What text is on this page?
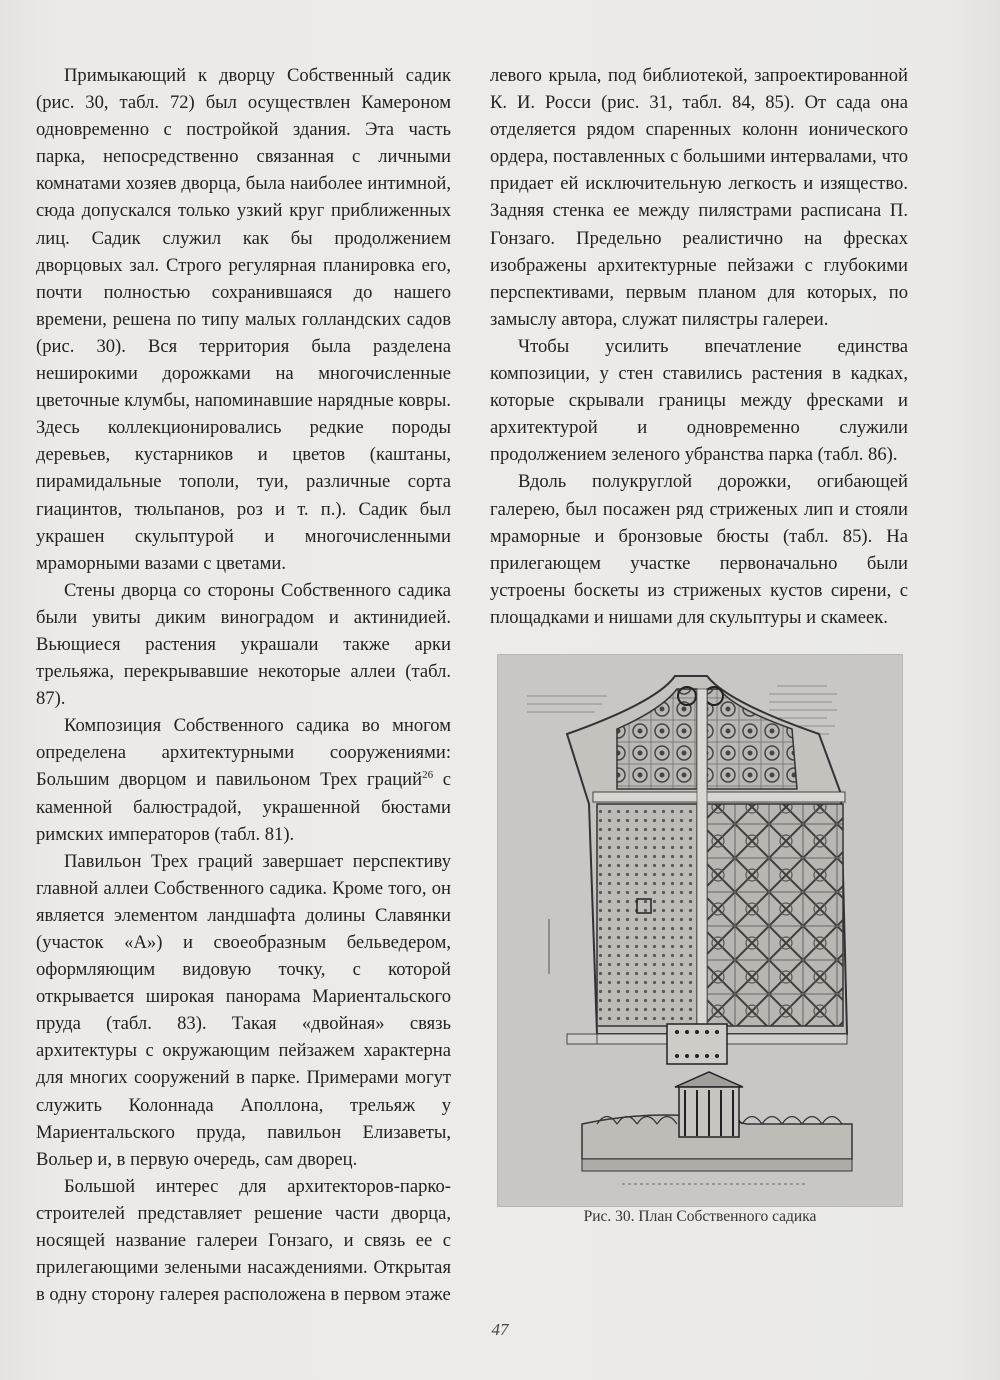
Примыкающий к дворцу Собственный садик (рис. 30, табл. 72) был осуществлен Камероном одновременно с постройкой здания. Эта часть парка, непосредственно связанная с личными комнатами хозяев дворца, была наиболее интимной, сюда допускался только узкий круг приближенных лиц. Садик служил как бы продолжением дворцовых зал. Строго регулярная планировка его, почти полностью сохранившаяся до нашего времени, решена по типу малых голландских садов (рис. 30). Вся территория была разделена неширокими дорожками на многочисленные цветочные клумбы, напоминавшие нарядные ковры. Здесь коллекционировались редкие породы деревьев, кустарников и цветов (каштаны, пирамидальные тополи, туи, различные сорта гиацинтов, тюльпанов, роз и т. п.). Садик был украшен скульптурой и многочисленными мраморными вазами с цветами.

Стены дворца со стороны Собственного садика были увиты диким виноградом и актинидией. Вьющиеся растения украшали также арки трельяжа, перекрывавшие некоторые аллеи (табл. 87).

Композиция Собственного садика во многом определена архитектурными сооружениями: Большим дворцом и павильоном Трех граций$^{26}$ с каменной балюстрадой, украшенной бюстами римских императоров (табл. 81).

Павильон Трех граций завершает перспективу главной аллеи Собственного садика. Кроме того, он является элементом ландшафта долины Славянки (участок «А») и своеобразным бельведером, оформляющим видовую точку, с которой открывается широкая панорама Мариентальского пруда (табл. 83). Такая «двойная» связь архитектуры с окружающим пейзажем характерна для многих сооружений в парке. Примерами могут служить Колоннада Аполлона, трельяж у Мариентальского пруда, павильон Елизаветы, Вольер и, в первую очередь, сам дворец.

Большой интерес для архитекторов-паркостроителей представляет решение части дворца, носящей название галереи Гонзаго, и связь ее с прилегающими зелеными насаждениями. Открытая в одну сторону галерея расположена в первом этаже

левого крыла, под библиотекой, запроектированной К. И. Росси (рис. 31, табл. 84, 85). От сада она отделяется рядом спаренных колонн ионического ордера, поставленных с большими интервалами, что придает ей исключительную легкость и изящество. Задняя стенка ее между пилястрами расписана П. Гонзаго. Предельно реалистично на фресках изображены архитектурные пейзажи с глубокими перспективами, первым планом для которых, по замыслу автора, служат пилястры галереи.

Чтобы усилить впечатление единства композиции, у стен ставились растения в кадках, которые скрывали границы между фресками и архитектурой и одновременно служили продолжением зеленого убранства парка (табл. 86).

Вдоль полукруглой дорожки, огибающей галерею, был посажен ряд стриженых лип и стояли мраморные и бронзовые бюсты (табл. 85). На прилегающем участке первоначально были устроены боскеты из стриженых кустов сирени, с площадками и нишами для скульптуры и скамеек.

Рис. 30. План Собственного садика
47
